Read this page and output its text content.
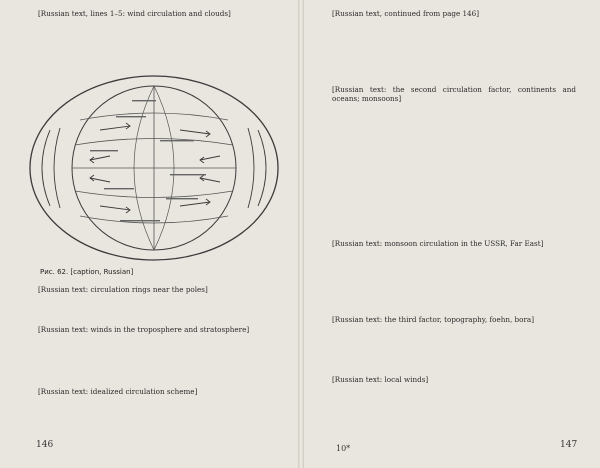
[Russian text, lines 1–5: wind circulation and clouds]

Рис. 62. [caption, Russian]

[Russian text: circulation rings near the poles]

[Russian text: winds in the troposphere and stratosphere]

[Russian text: idealized circulation scheme]

146

[Russian text, continued from page 146]

[Russian text: the second circulation factor, continents and oceans; monsoons]

[Russian text: monsoon circulation in the USSR, Far East]

[Russian text: the third factor, topography, foehn, bora]

[Russian text: local winds]

10*	147
